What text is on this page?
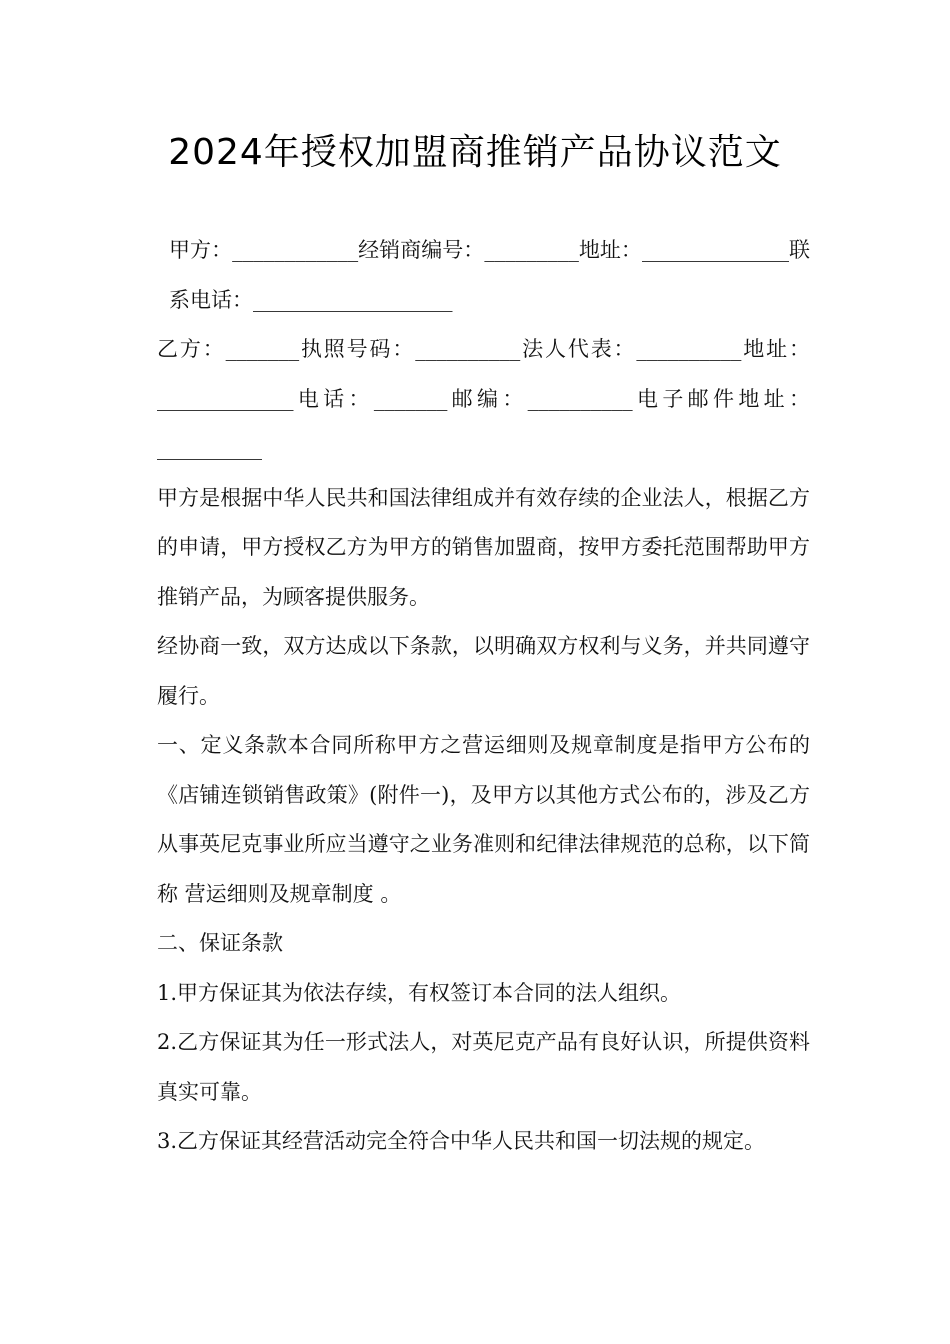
2024年授权加盟商推销产品协议范文

甲方：____________经销商编号：_________地址：______________联系电话：___________________

乙方：_______执照号码：__________法人代表：__________地址：_____________电话：_______邮编：__________电子邮件地址：__________

甲方是根据中华人民共和国法律组成并有效存续的企业法人，根据乙方的申请，甲方授权乙方为甲方的销售加盟商，按甲方委托范围帮助甲方推销产品，为顾客提供服务。

经协商一致，双方达成以下条款，以明确双方权利与义务，并共同遵守履行。

一、定义条款本合同所称甲方之营运细则及规章制度是指甲方公布的《店铺连锁销售政策》(附件一)，及甲方以其他方式公布的，涉及乙方从事英尼克事业所应当遵守之业务准则和纪律法律规范的总称，以下简称 营运细则及规章制度 。

二、保证条款

1.甲方保证其为依法存续，有权签订本合同的法人组织。

2.乙方保证其为任一形式法人，对英尼克产品有良好认识，所提供资料真实可靠。

3.乙方保证其经营活动完全符合中华人民共和国一切法规的规定。
